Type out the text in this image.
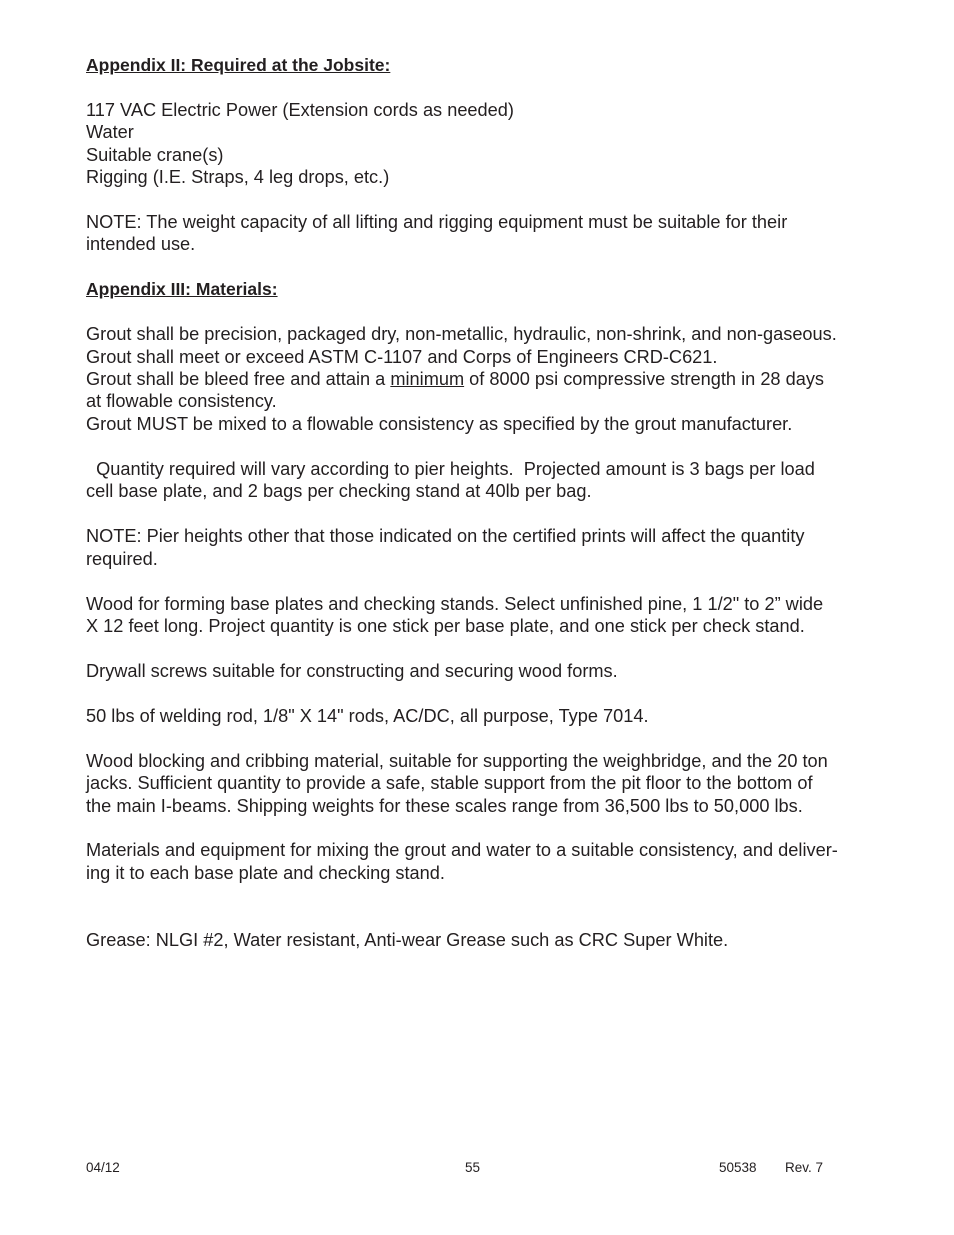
Appendix II: Required at the Jobsite:

117 VAC Electric Power (Extension cords as needed)

Water

Suitable crane(s)

Rigging (I.E. Straps, 4 leg drops, etc.)

NOTE: The weight capacity of all lifting and rigging equipment must be suitable for their

intended use.

Appendix III: Materials:

Grout shall be precision, packaged dry, non-metallic, hydraulic, non-shrink, and non-gaseous.

Grout shall meet or exceed ASTM C-1107 and Corps of Engineers CRD-C621.

Grout shall be bleed free and attain a minimum of 8000 psi compressive strength in 28 days

at flowable consistency.

Grout MUST be mixed to a flowable consistency as specified by the grout manufacturer.

Quantity required will vary according to pier heights.  Projected amount is 3 bags per load

cell base plate, and 2 bags per checking stand at 40lb per bag.

NOTE: Pier heights other that those indicated on the certified prints will affect the quantity

required.

Wood for forming base plates and checking stands. Select unfinished pine, 1 1/2" to 2” wide

X 12 feet long. Project quantity is one stick per base plate, and one stick per check stand.

Drywall screws suitable for constructing and securing wood forms.

50 lbs of welding rod, 1/8" X 14" rods, AC/DC, all purpose, Type 7014.

Wood blocking and cribbing material, suitable for supporting the weighbridge, and the 20 ton

jacks. Sufficient quantity to provide a safe, stable support from the pit floor to the bottom of

the main I-beams. Shipping weights for these scales range from 36,500 lbs to 50,000 lbs.

Materials and equipment for mixing the grout and water to a suitable consistency, and deliver-

ing it to each base plate and checking stand.

Grease: NLGI #2, Water resistant, Anti-wear Grease such as CRC Super White.

04/12	55	50538 Rev. 7
